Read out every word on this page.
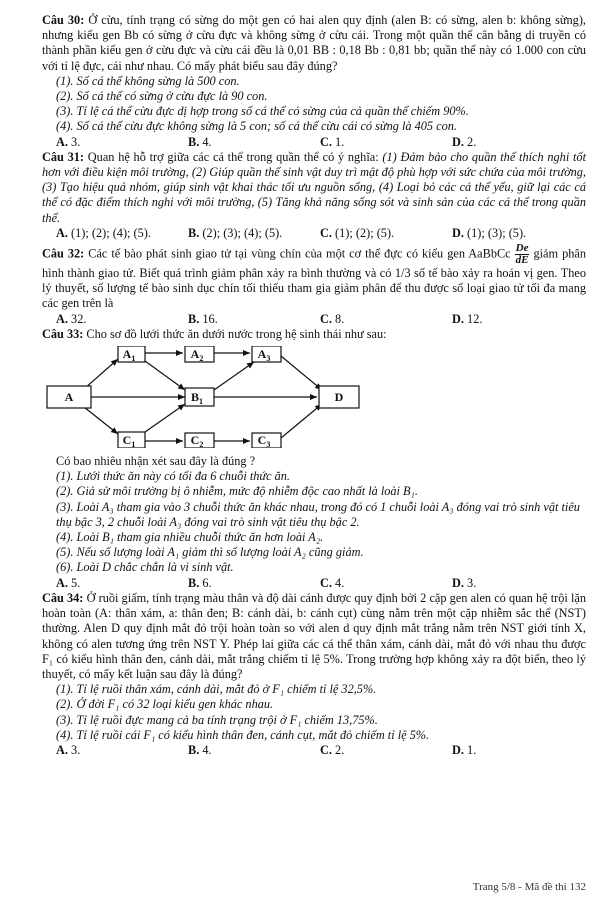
Câu 30: Ở cừu, tính trạng có sừng do một gen có hai alen quy định (alen B: có sừng, alen b: không sừng), nhưng kiểu gen Bb có sừng ở cừu đực và không sừng ở cừu cái. Trong một quần thể cân bằng di truyền có thành phần kiểu gen ở cừu đực và cừu cái đều là 0,01 BB : 0,18 Bb : 0,81 bb; quần thể này có 1.000 con cừu với tỉ lệ đực, cái như nhau. Có mấy phát biểu sau đây đúng?

(1). Số cá thể không sừng là 500 con.

(2). Số cá thể có sừng ở cừu đực là 90 con.

(3). Tỉ lệ cá thể cừu đực dị hợp trong số cá thể có sừng của cả quần thể chiếm 90%.

(4). Số cá thể cừu đực không sừng là 5 con; số cá thể cừu cái có sừng là 405 con.

A. 3.	B. 4.	C. 1.	D. 2.

Câu 31: Quan hệ hỗ trợ giữa các cá thể trong quần thể có ý nghĩa: (1) Đảm bảo cho quần thể thích nghi tốt hơn với điều kiện môi trường, (2) Giúp quần thể sinh vật duy trì mật độ phù hợp với sức chứa của môi trường, (3) Tạo hiệu quả nhóm, giúp sinh vật khai thác tối ưu nguồn sống, (4) Loại bỏ các cá thể yếu, giữ lại các cá thể có đặc điểm thích nghi với môi trường, (5) Tăng khả năng sống sót và sinh sản của các cá thể trong quần thể.

A. (1); (2); (4); (5).	B. (2); (3); (4); (5).	C. (1); (2); (5).	D. (1); (3); (5).

Câu 32: Các tế bào phát sinh giao tử tại vùng chín của một cơ thể đực có kiểu gen AaBbCc $\frac{De}{dE}$ giảm phân hình thành giao tử. Biết quá trình giảm phân xảy ra bình thường và có 1/3 số tế bào xảy ra hoán vị gen. Theo lý thuyết, số lượng tế bào sinh dục chín tối thiểu tham gia giảm phân để thu được số loại giao tử tối đa mang các gen trên là

A. 32.	B. 16.	C. 8.	D. 12.

Câu 33: Cho sơ đồ lưới thức ăn dưới nước trong hệ sinh thái như sau:

A
$A_1$	$A_2$	$A_3$
$B_1$
$C_1$	$C_2$	$C_3$
D

Có bao nhiêu nhận xét sau đây là đúng ?

(1). Lưới thức ăn này có tối đa 6 chuỗi thức ăn.

(2). Giả sử môi trường bị ô nhiễm, mức độ nhiễm độc cao nhất là loài B₁.

(3). Loài A₃ tham gia vào 3 chuỗi thức ăn khác nhau, trong đó có 1 chuỗi loài A₃ đóng vai trò sinh vật tiêu thụ bậc 3, 2 chuỗi loài A₃ đóng vai trò sinh vật tiêu thụ bậc 2.

(4). Loài B₁ tham gia nhiều chuỗi thức ăn hơn loài A₂.

(5). Nếu số lượng loài A₁ giảm thì số lượng loài A₂ cũng giảm.

(6). Loài D chắc chắn là vi sinh vật.

A. 5.	B. 6.	C. 4.	D. 3.

Câu 34: Ở ruồi giấm, tính trạng màu thân và độ dài cánh được quy định bởi 2 cặp gen alen có quan hệ trội lặn hoàn toàn (A: thân xám, a: thân đen; B: cánh dài, b: cánh cụt) cùng nằm trên một cặp nhiễm sắc thể (NST) thường. Alen D quy định mắt đỏ trội hoàn toàn so với alen d quy định mắt trắng nằm trên NST giới tính X, không có alen tương ứng trên NST Y. Phép lai giữa các cá thể thân xám, cánh dài, mắt đỏ với nhau thu được F₁ có kiểu hình thân đen, cánh dài, mắt trắng chiếm tỉ lệ 5%. Trong trường hợp không xảy ra đột biến, theo lý thuyết, có mấy kết luận sau đây là đúng?

(1). Tỉ lệ ruồi thân xám, cánh dài, mắt đỏ ở F₁ chiếm tỉ lệ 32,5%.

(2). Ở đời F₁ có 32 loại kiểu gen khác nhau.

(3). Tỉ lệ ruồi đực mang cả ba tính trạng trội ở F₁ chiếm 13,75%.

(4). Tỉ lệ ruồi cái F₁ có kiểu hình thân đen, cánh cụt, mắt đỏ chiếm tỉ lệ 5%.

A. 3.	B. 4.	C. 2.	D. 1.
Trang 5/8 - Mã đề thi 132
